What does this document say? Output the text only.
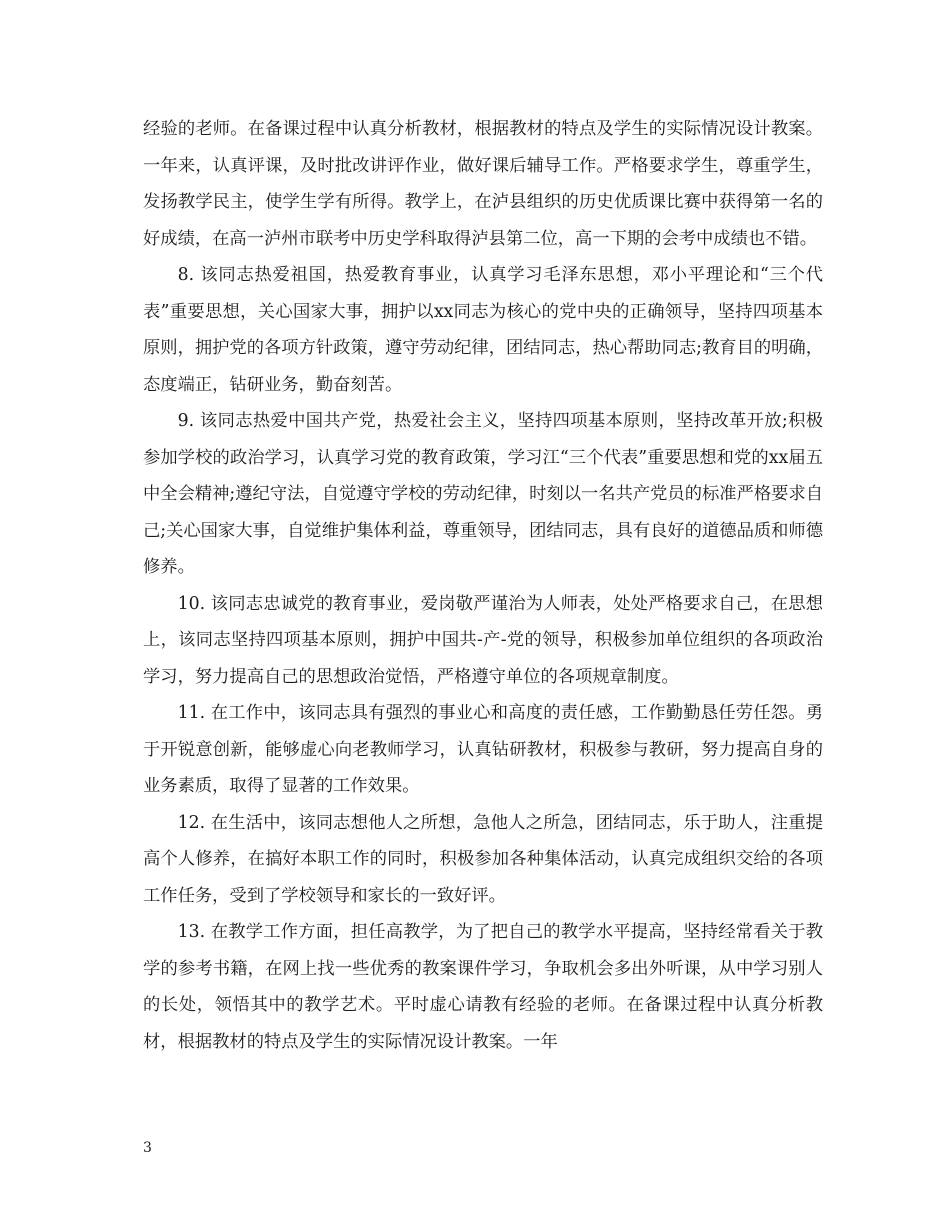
经验的老师。在备课过程中认真分析教材，根据教材的特点及学生的实际情况设计教案。一年来，认真评课，及时批改讲评作业，做好课后辅导工作。严格要求学生，尊重学生，发扬教学民主，使学生学有所得。教学上，在泸县组织的历史优质课比赛中获得第一名的好成绩，在高一泸州市联考中历史学科取得泸县第二位，高一下期的会考中成绩也不错。

8. 该同志热爱祖国，热爱教育事业，认真学习毛泽东思想，邓小平理论和“三个代表”重要思想，关心国家大事，拥护以xx同志为核心的党中央的正确领导，坚持四项基本原则，拥护党的各项方针政策，遵守劳动纪律，团结同志，热心帮助同志;教育目的明确，态度端正，钻研业务，勤奋刻苦。

9. 该同志热爱中国共产党，热爱社会主义，坚持四项基本原则，坚持改革开放;积极参加学校的政治学习，认真学习党的教育政策，学习江“三个代表”重要思想和党的xx届五中全会精神;遵纪守法，自觉遵守学校的劳动纪律，时刻以一名共产党员的标准严格要求自己;关心国家大事，自觉维护集体利益，尊重领导，团结同志，具有良好的道德品质和师德修养。

10. 该同志忠诚党的教育事业，爱岗敬严谨治为人师表，处处严格要求自己，在思想上，该同志坚持四项基本原则，拥护中国共-产-党的领导，积极参加单位组织的各项政治学习，努力提高自己的思想政治觉悟，严格遵守单位的各项规章制度。

11. 在工作中，该同志具有强烈的事业心和高度的责任感，工作勤勤恳任劳任怨。勇于开锐意创新，能够虚心向老教师学习，认真钻研教材，积极参与教研，努力提高自身的业务素质，取得了显著的工作效果。

12. 在生活中，该同志想他人之所想，急他人之所急，团结同志，乐于助人，注重提高个人修养，在搞好本职工作的同时，积极参加各种集体活动，认真完成组织交给的各项工作任务，受到了学校领导和家长的一致好评。

13. 在教学工作方面，担任高教学，为了把自己的教学水平提高，坚持经常看关于教学的参考书籍，在网上找一些优秀的教案课件学习，争取机会多出外听课，从中学习别人的长处，领悟其中的教学艺术。平时虚心请教有经验的老师。在备课过程中认真分析教材，根据教材的特点及学生的实际情况设计教案。一年

3
